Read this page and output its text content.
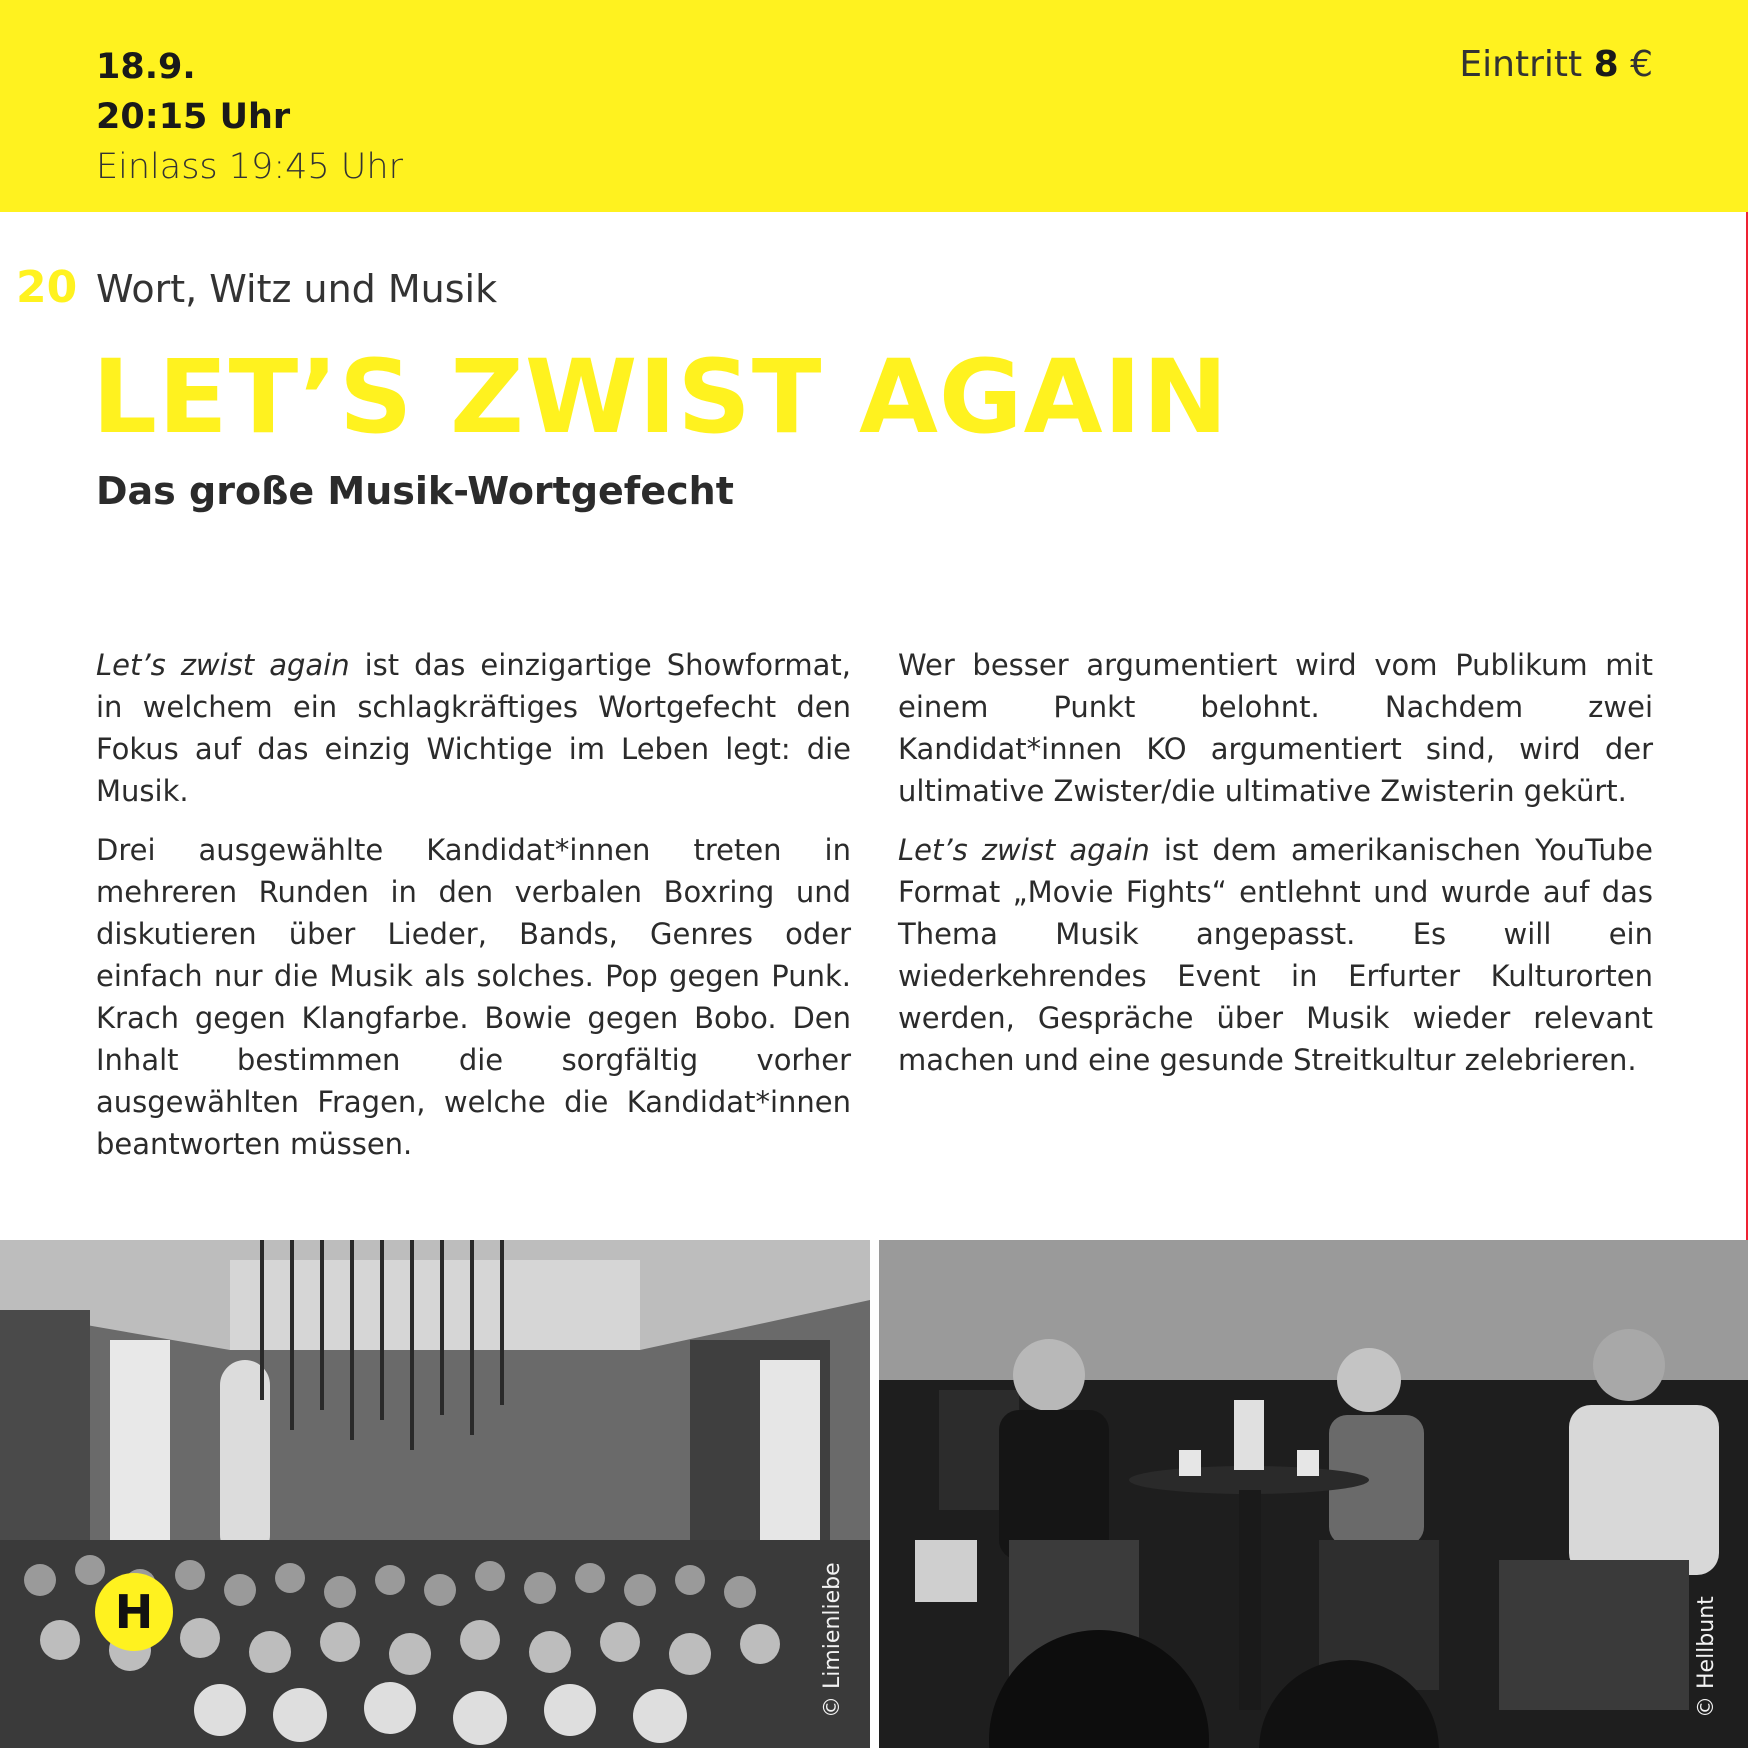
18.9.
20:15 Uhr
Einlass 19:45 Uhr
Eintritt 8 €
20 Wort, Witz und Musik
LET’S ZWIST AGAIN
Das große Musik-Wortgefecht

Let’s zwist again ist das einzigartige Showformat, in welchem ein schlagkräftiges Wortgefecht den Fokus auf das einzig Wichtige im Leben legt: die Musik.

Drei ausgewählte Kandidat*innen treten in mehreren Runden in den verbalen Boxring und diskutieren über Lieder, Bands, Genres oder einfach nur die Musik als solches. Pop gegen Punk. Krach gegen Klangfarbe. Bowie gegen Bobo. Den Inhalt bestimmen die sorgfältig vorher ausgewählten Fragen, welche die Kandidat*innen beantworten müssen.

Wer besser argumentiert wird vom Publikum mit einem Punkt belohnt. Nachdem zwei Kandidat*innen KO argumentiert sind, wird der ultimative Zwister/die ultimative Zwisterin gekürt.

Let’s zwist again ist dem amerikanischen YouTube Format „Movie Fights“ entlehnt und wurde auf das Thema Musik angepasst. Es will ein wiederkehrendes Event in Erfurter Kulturorten werden, Gespräche über Musik wieder relevant machen und eine gesunde Streitkultur zelebrieren.

H	© Limienliebe	© Hellbunt
